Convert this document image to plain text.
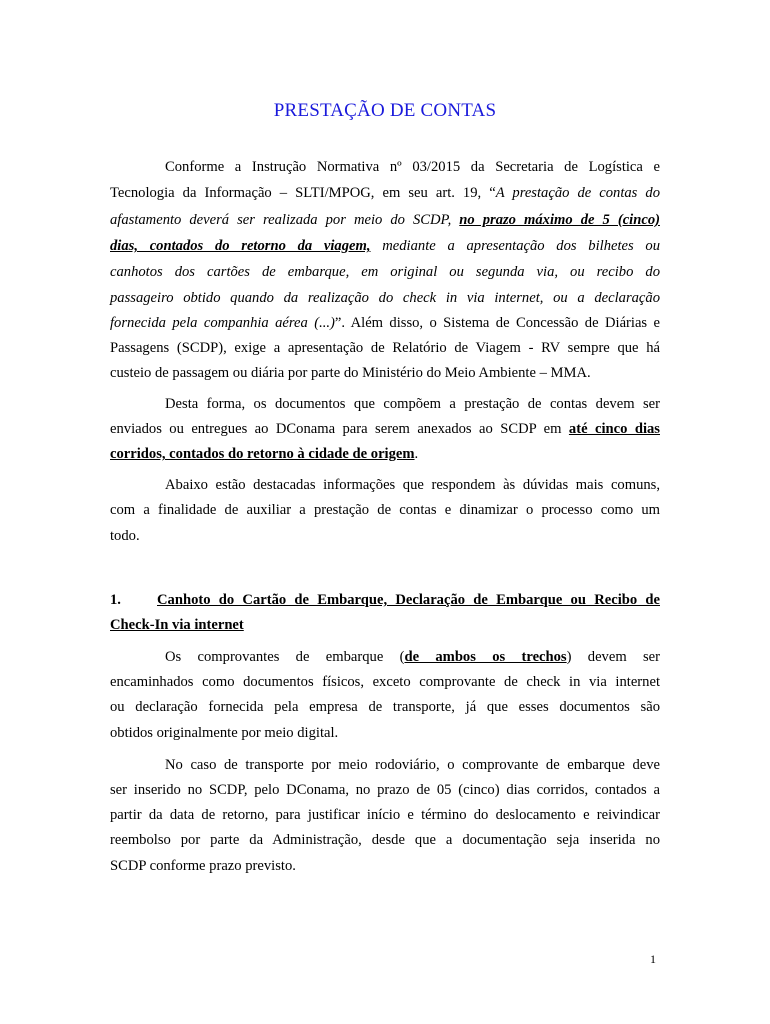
PRESTAÇÃO DE CONTAS
Conforme a Instrução Normativa nº 03/2015 da Secretaria de Logística e
Tecnologia da Informação – SLTI/MPOG, em seu art. 19, “A prestação de contas do
afastamento deverá ser realizada por meio do SCDP, no prazo máximo de 5 (cinco)
dias, contados do retorno da viagem, mediante a apresentação dos bilhetes ou
canhotos dos cartões de embarque, em original ou segunda via, ou recibo do
passageiro obtido quando da realização do check in via internet, ou a declaração
fornecida pela companhia aérea (...)”. Além disso, o Sistema de Concessão de Diárias e
Passagens (SCDP), exige a apresentação de Relatório de Viagem - RV sempre que há
custeio de passagem ou diária por parte do Ministério do Meio Ambiente – MMA.
Desta forma, os documentos que compõem a prestação de contas devem ser
enviados ou entregues ao DConama para serem anexados ao SCDP em até cinco dias
corridos, contados do retorno à cidade de origem.
Abaixo estão destacadas informações que respondem às dúvidas mais comuns,
com a finalidade de auxiliar a prestação de contas e dinamizar o processo como um
todo.
1. Canhoto do Cartão de Embarque, Declaração de Embarque ou Recibo de
Check-In via internet
Os comprovantes de embarque (de ambos os trechos) devem ser
encaminhados como documentos físicos, exceto comprovante de check in via internet
ou declaração fornecida pela empresa de transporte, já que esses documentos são
obtidos originalmente por meio digital.
No caso de transporte por meio rodoviário, o comprovante de embarque deve
ser inserido no SCDP, pelo DConama, no prazo de 05 (cinco) dias corridos, contados a
partir da data de retorno, para justificar início e término do deslocamento e reivindicar
reembolso por parte da Administração, desde que a documentação seja inserida no
SCDP conforme prazo previsto.
1
